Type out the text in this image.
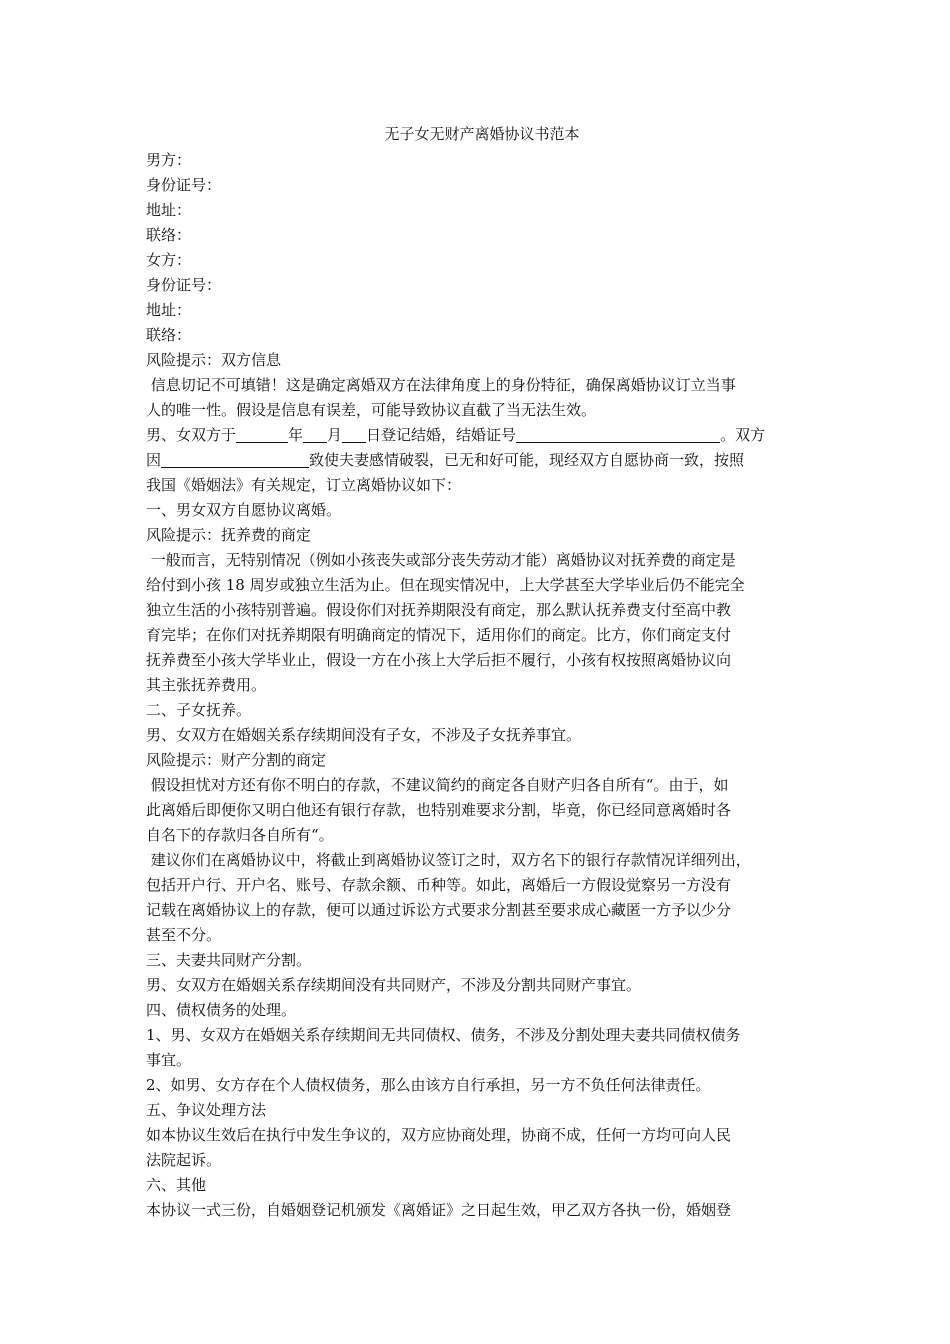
无子女无财产离婚协议书范本
男方：
身份证号：
地址：
联络：
女方：
身份证号：
地址：
联络：
风险提示：双方信息
信息切记不可填错！这是确定离婚双方在法律角度上的身份特征，确保离婚协议订立当事
人的唯一性。假设是信息有误差，可能导致协议直截了当无法生效。
男、女双方于	年 月 日登记结婚，结婚证号	。双方
因	致使夫妻感情破裂，已无和好可能，现经双方自愿协商一致，按照
我国《婚姻法》有关规定，订立离婚协议如下：
一、男女双方自愿协议离婚。
风险提示：抚养费的商定
一般而言，无特别情况（例如小孩丧失或部分丧失劳动才能）离婚协议对抚养费的商定是
给付到小孩 18 周岁或独立生活为止。但在现实情况中，上大学甚至大学毕业后仍不能完全
独立生活的小孩特别普遍。假设你们对抚养期限没有商定，那么默认抚养费支付至高中教
育完毕；在你们对抚养期限有明确商定的情况下，适用你们的商定。比方，你们商定支付
抚养费至小孩大学毕业止，假设一方在小孩上大学后拒不履行，小孩有权按照离婚协议向
其主张抚养费用。
二、子女抚养。
男、女双方在婚姻关系存续期间没有子女，不涉及子女抚养事宜。
风险提示：财产分割的商定
假设担忧对方还有你不明白的存款，不建议简约的商定各自财产归各自所有“。由于，如
此离婚后即便你又明白他还有银行存款，也特别难要求分割，毕竟，你已经同意离婚时各
自名下的存款归各自所有“。
建议你们在离婚协议中，将截止到离婚协议签订之时，双方名下的银行存款情况详细列出，
包括开户行、开户名、账号、存款余额、币种等。如此，离婚后一方假设觉察另一方没有
记载在离婚协议上的存款，便可以通过诉讼方式要求分割甚至要求成心藏匿一方予以少分
甚至不分。
三、夫妻共同财产分割。
男、女双方在婚姻关系存续期间没有共同财产，不涉及分割共同财产事宜。
四、债权债务的处理。
1、男、女双方在婚姻关系存续期间无共同债权、债务，不涉及分割处理夫妻共同债权债务
事宜。
2、如男、女方存在个人债权债务，那么由该方自行承担，另一方不负任何法律责任。
五、争议处理方法
如本协议生效后在执行中发生争议的，双方应协商处理，协商不成，任何一方均可向人民
法院起诉。
六、其他
本协议一式三份，自婚姻登记机颁发《离婚证》之日起生效，甲乙双方各执一份，婚姻登
